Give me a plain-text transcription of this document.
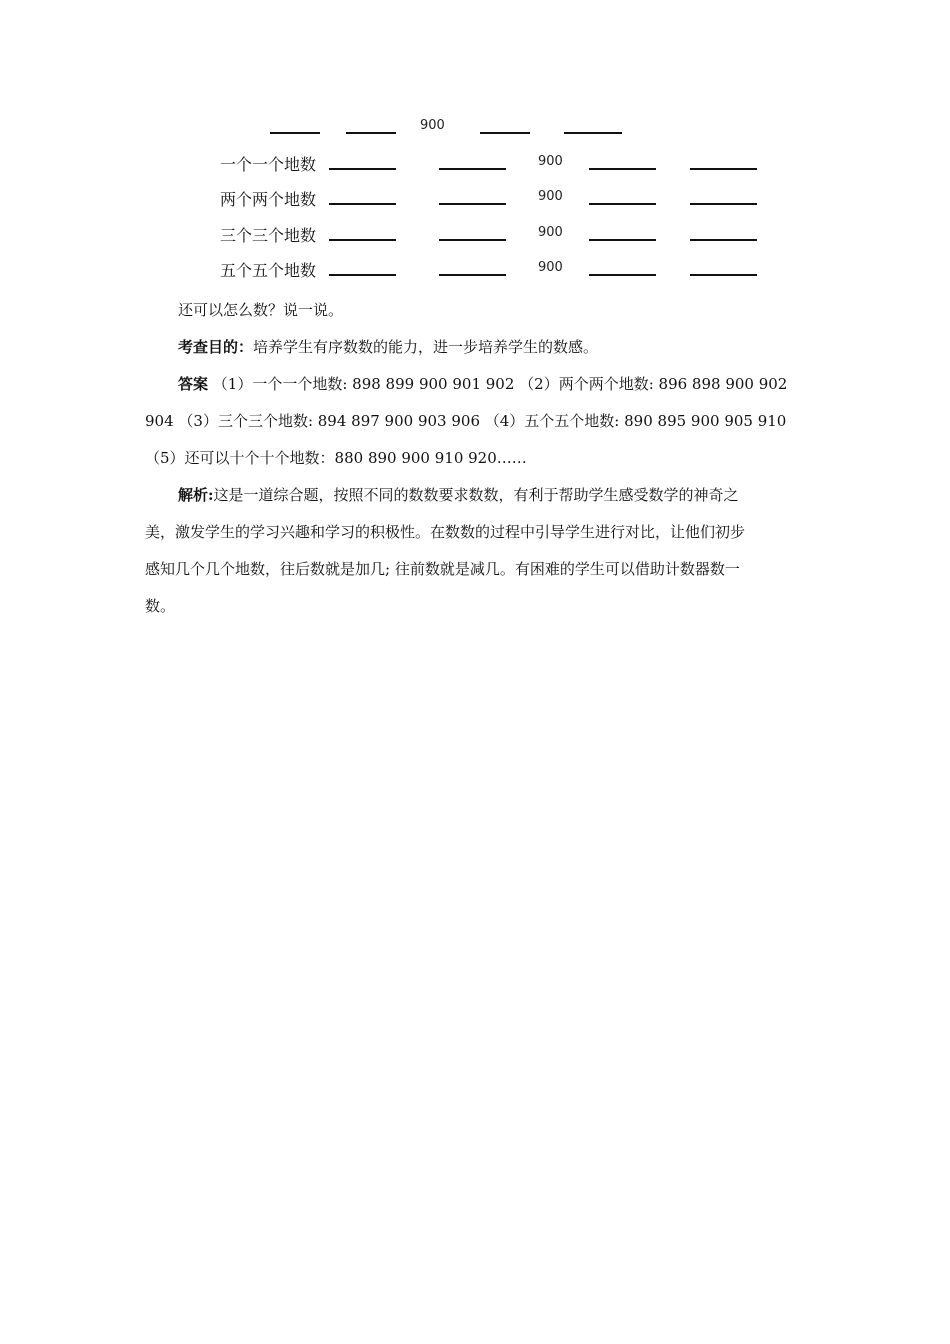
900
一个一个地数	900
两个两个地数	900
三个三个地数	900
五个五个地数	900
还可以怎么数？说一说。
考查目的：培养学生有序数数的能力，进一步培养学生的数感。
答案 （1）一个一个地数: 898 899 900 901 902 （2）两个两个地数: 896 898 900 902
904 （3）三个三个地数: 894 897 900 903 906 （4）五个五个地数: 890 895 900 905 910
（5）还可以十个十个地数：880 890 900 910 920……
解析:这是一道综合题，按照不同的数数要求数数，有利于帮助学生感受数学的神奇之
美，激发学生的学习兴趣和学习的积极性。在数数的过程中引导学生进行对比，让他们初步
感知几个几个地数，往后数就是加几; 往前数就是减几。有困难的学生可以借助计数器数一
数。
